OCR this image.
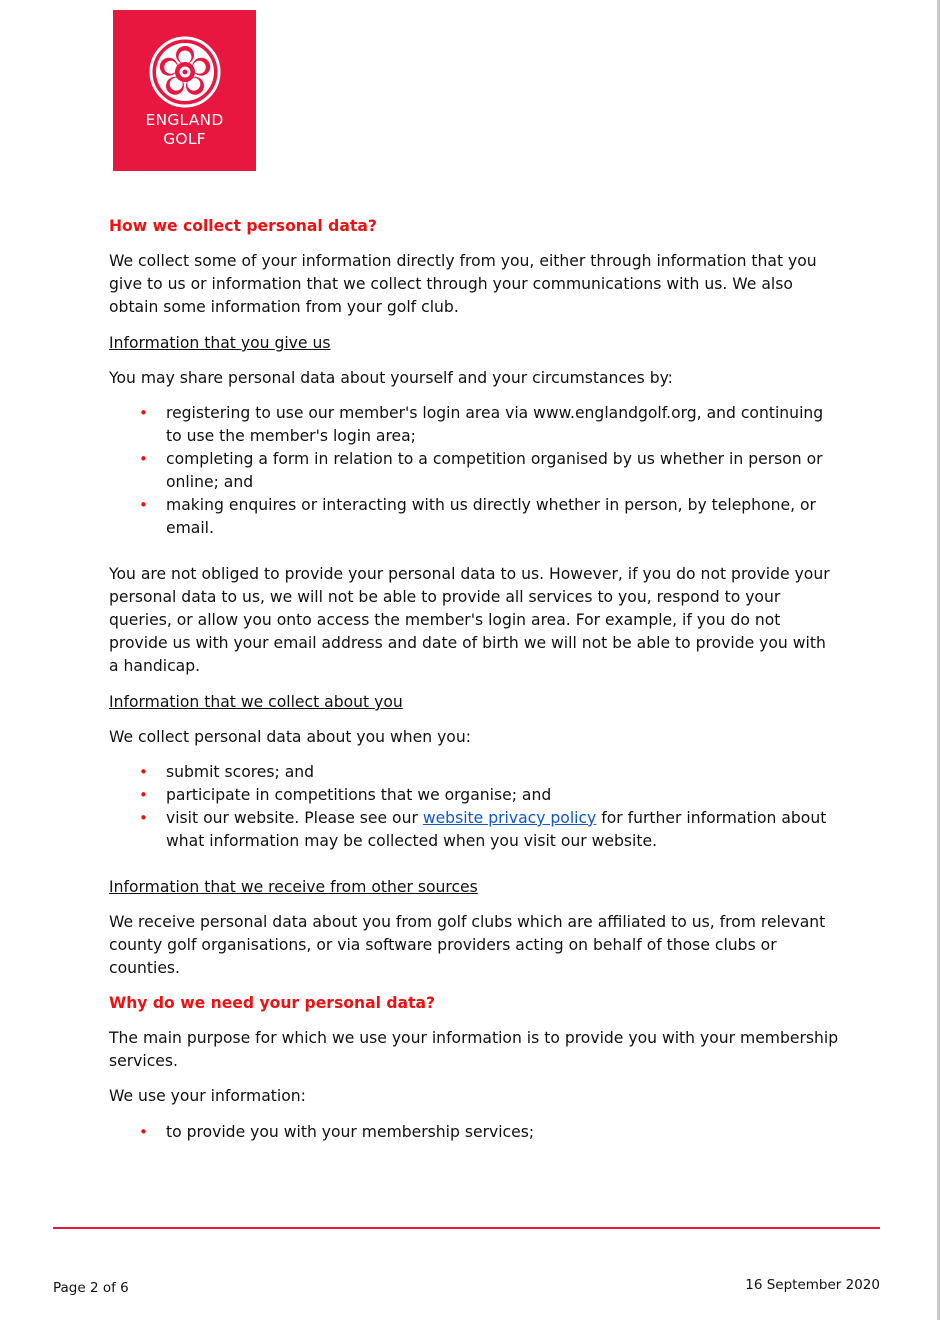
ENGLAND
GOLF
How we collect personal data?

We collect some of your information directly from you, either through information that you give to us or information that we collect through your communications with us. We also obtain some information from your golf club.

Information that you give us

You may share personal data about yourself and your circumstances by:

• registering to use our member's login area via www.englandgolf.org, and continuing to use the member's login area;
• completing a form in relation to a competition organised by us whether in person or online; and
• making enquires or interacting with us directly whether in person, by telephone, or email.

You are not obliged to provide your personal data to us. However, if you do not provide your personal data to us, we will not be able to provide all services to you, respond to your queries, or allow you onto access the member's login area. For example, if you do not provide us with your email address and date of birth we will not be able to provide you with a handicap.

Information that we collect about you

We collect personal data about you when you:

• submit scores; and
• participate in competitions that we organise; and
• visit our website. Please see our website privacy policy for further information about what information may be collected when you visit our website.

Information that we receive from other sources

We receive personal data about you from golf clubs which are affiliated to us, from relevant county golf organisations, or via software providers acting on behalf of those clubs or counties.

Why do we need your personal data?

The main purpose for which we use your information is to provide you with your membership services.

We use your information:

• to provide you with your membership services;
Page 2 of 6	16 September 2020
